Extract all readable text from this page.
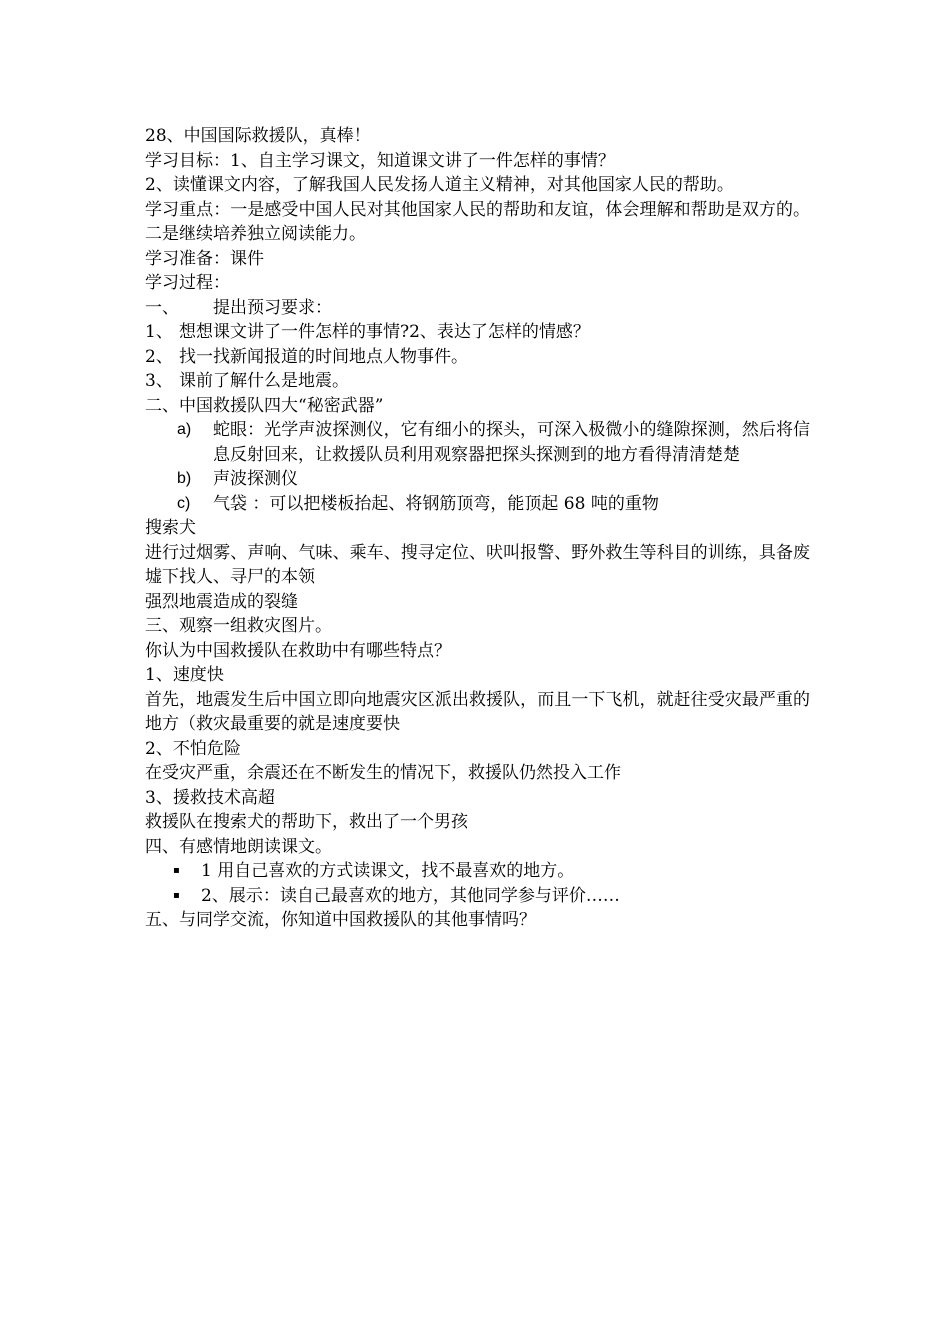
28、中国国际救援队，真棒！

学习目标：1、自主学习课文，知道课文讲了一件怎样的事情？

2、读懂课文内容，了解我国人民发扬人道主义精神，对其他国家人民的帮助。

学习重点：一是感受中国人民对其他国家人民的帮助和友谊，体会理解和帮助是双方的。二是继续培养独立阅读能力。

学习准备：课件

学习过程：

一、	提出预习要求：
1、 想想课文讲了一件怎样的事情?2、表达了怎样的情感？
2、 找一找新闻报道的时间地点人物事件。
3、 课前了解什么是地震。

二、中国救援队四大“秘密武器”

a)	蛇眼：光学声波探测仪，它有细小的探头，可深入极微小的缝隙探测，然后将信息反射回来，让救援队员利用观察器把探头探测到的地方看得清清楚楚
b)	声波探测仪
c)	气袋 ：可以把楼板抬起、将钢筋顶弯，能顶起 68 吨的重物

搜索犬

进行过烟雾、声响、气味、乘车、搜寻定位、吠叫报警、野外救生等科目的训练，具备废墟下找人、寻尸的本领

强烈地震造成的裂缝

三、观察一组救灾图片。

你认为中国救援队在救助中有哪些特点？

1、速度快

首先，地震发生后中国立即向地震灾区派出救援队，而且一下飞机，就赶往受灾最严重的地方（救灾最重要的就是速度要快

2、不怕危险

在受灾严重，余震还在不断发生的情况下，救援队仍然投入工作

3、援救技术高超

救援队在搜索犬的帮助下，救出了一个男孩

四、有感情地朗读课文。

▪	1 用自己喜欢的方式读课文，找不最喜欢的地方。
▪	2、展示：读自己最喜欢的地方，其他同学参与评价……

五、与同学交流，你知道中国救援队的其他事情吗？
